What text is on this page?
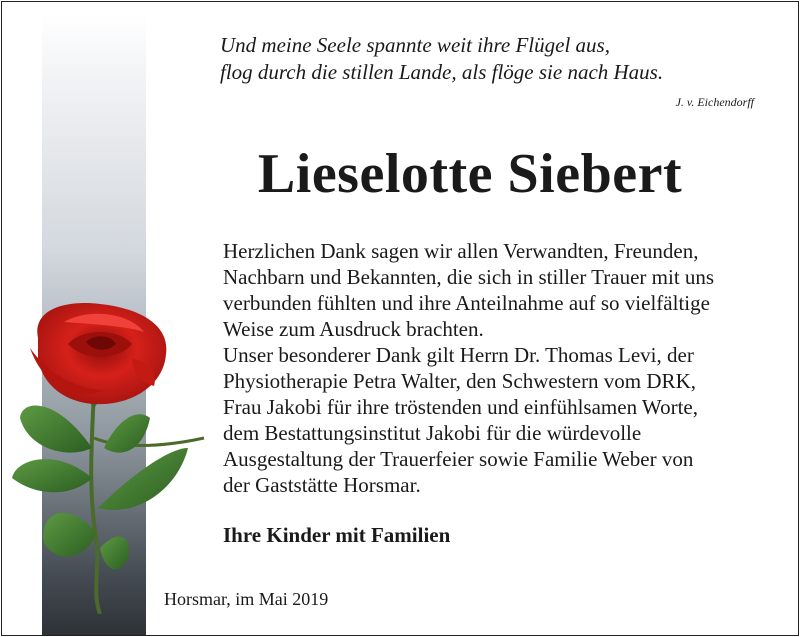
Und meine Seele spannte weit ihre Flügel aus,
flog durch die stillen Lande, als flöge sie nach Haus.
J. v. Eichendorff
Lieselotte Siebert
Herzlichen Dank sagen wir allen Verwandten, Freunden,
Nachbarn und Bekannten, die sich in stiller Trauer mit uns
verbunden fühlten und ihre Anteilnahme auf so vielfältige
Weise zum Ausdruck brachten.
Unser besonderer Dank gilt Herrn Dr. Thomas Levi, der
Physiotherapie Petra Walter, den Schwestern vom DRK,
Frau Jakobi für ihre tröstenden und einfühlsamen Worte,
dem Bestattungsinstitut Jakobi für die würdevolle
Ausgestaltung der Trauerfeier sowie Familie Weber von
der Gaststätte Horsmar.
Ihre Kinder mit Familien
Horsmar, im Mai 2019
